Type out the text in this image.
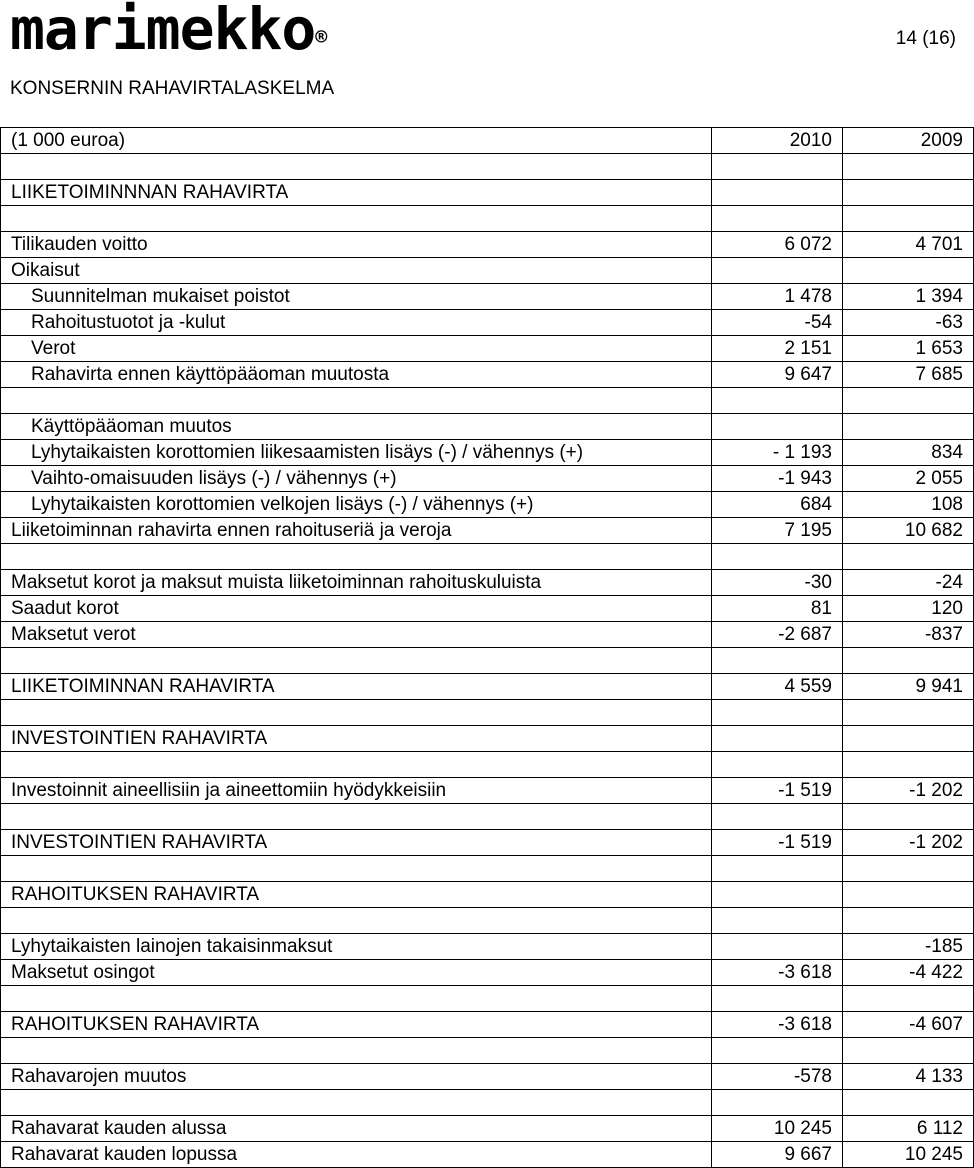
marimekko®	14 (16)
KONSERNIN RAHAVIRTALASKELMA
(1 000 euroa)	2010	2009

LIIKETOIMINNNAN RAHAVIRTA		

Tilikauden voitto	6 072	4 701
Oikaisut		
Suunnitelman mukaiset poistot	1 478	1 394
Rahoitustuotot ja -kulut	-54	-63
Verot	2 151	1 653
Rahavirta ennen käyttöpääoman muutosta	9 647	7 685

Käyttöpääoman muutos		
Lyhytaikaisten korottomien liikesaamisten lisäys (-) / vähennys (+)	- 1 193	834
Vaihto-omaisuuden lisäys (-) / vähennys (+)	-1 943	2 055
Lyhytaikaisten korottomien velkojen lisäys (-) / vähennys (+)	684	108
Liiketoiminnan rahavirta ennen rahoituseriä ja veroja	7 195	10 682

Maksetut korot ja maksut muista liiketoiminnan rahoituskuluista	-30	-24
Saadut korot	81	120
Maksetut verot	-2 687	-837

LIIKETOIMINNAN RAHAVIRTA	4 559	9 941

INVESTOINTIEN RAHAVIRTA		

Investoinnit aineellisiin ja aineettomiin hyödykkeisiin	-1 519	-1 202

INVESTOINTIEN RAHAVIRTA	-1 519	-1 202

RAHOITUKSEN RAHAVIRTA		

Lyhytaikaisten lainojen takaisinmaksut		-185
Maksetut osingot	-3 618	-4 422

RAHOITUKSEN RAHAVIRTA	-3 618	-4 607

Rahavarojen muutos	-578	4 133

Rahavarat kauden alussa	10 245	6 112
Rahavarat kauden lopussa	9 667	10 245
